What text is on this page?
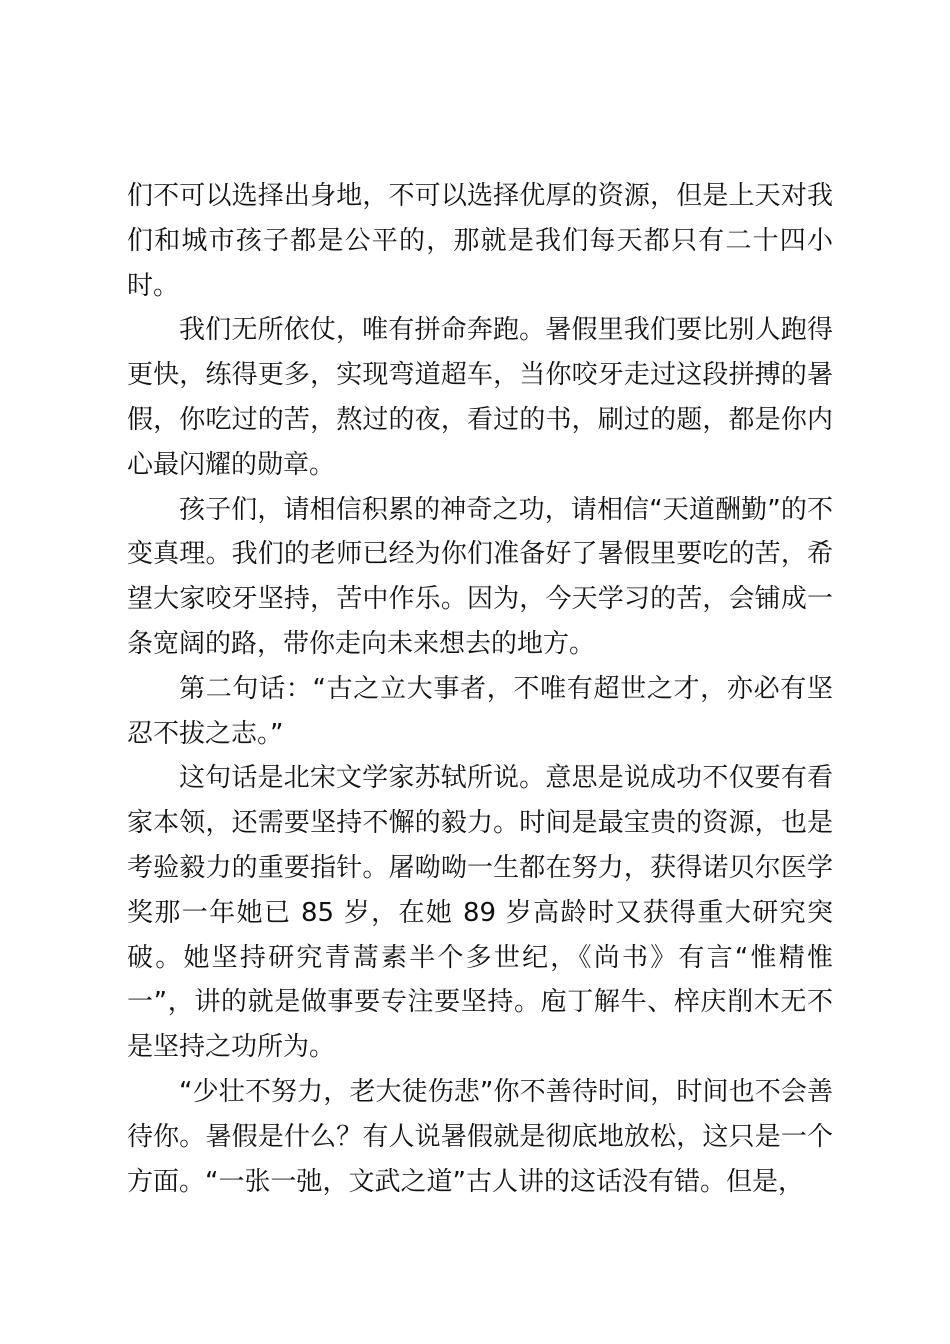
们不可以选择出身地，不可以选择优厚的资源，但是上天对我们和城市孩子都是公平的，那就是我们每天都只有二十四小时。

我们无所依仗，唯有拼命奔跑。暑假里我们要比别人跑得更快，练得更多，实现弯道超车，当你咬牙走过这段拼搏的暑假，你吃过的苦，熬过的夜，看过的书，刷过的题，都是你内心最闪耀的勋章。

孩子们，请相信积累的神奇之功，请相信“天道酬勤”的不变真理。我们的老师已经为你们准备好了暑假里要吃的苦，希望大家咬牙坚持，苦中作乐。因为，今天学习的苦，会铺成一条宽阔的路，带你走向未来想去的地方。

第二句话：“古之立大事者，不唯有超世之才，亦必有坚忍不拔之志。”

这句话是北宋文学家苏轼所说。意思是说成功不仅要有看家本领，还需要坚持不懈的毅力。时间是最宝贵的资源，也是考验毅力的重要指针。屠呦呦一生都在努力，获得诺贝尔医学奖那一年她已 85 岁，在她 89 岁高龄时又获得重大研究突破。她坚持研究青蒿素半个多世纪，《尚书》有言“惟精惟一”，讲的就是做事要专注要坚持。庖丁解牛、梓庆削木无不是坚持之功所为。

“少壮不努力，老大徒伤悲”你不善待时间，时间也不会善待你。暑假是什么？有人说暑假就是彻底地放松，这只是一个方面。“一张一弛，文武之道”古人讲的这话没有错。但是，
